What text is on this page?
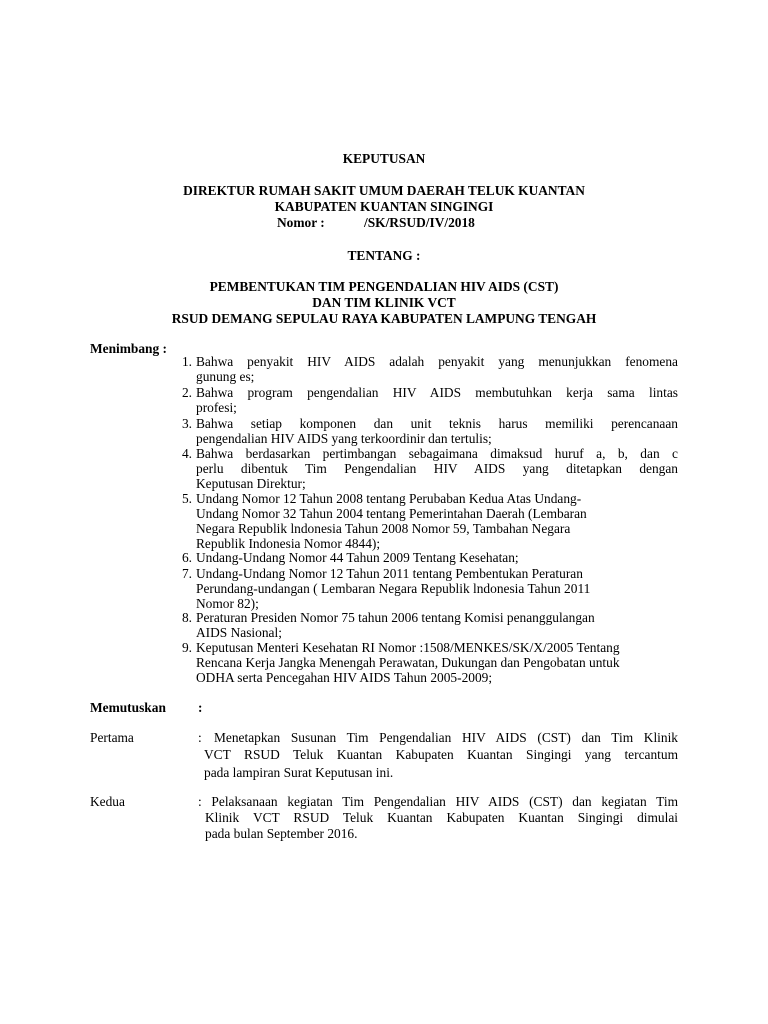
KEPUTUSAN
DIREKTUR RUMAH SAKIT UMUM DAERAH TELUK KUANTAN
KABUPATEN KUANTAN SINGINGI
Nomor :	/SK/RSUD/IV/2018
TENTANG :
PEMBENTUKAN TIM PENGENDALIAN HIV AIDS (CST)
DAN TIM KLINIK VCT
RSUD DEMANG SEPULAU RAYA KABUPATEN LAMPUNG TENGAH
Menimbang :
1. Bahwa penyakit HIV AIDS adalah penyakit yang menunjukkan fenomena
gunung es;
2. Bahwa program pengendalian HIV AIDS membutuhkan kerja sama lintas
profesi;
3. Bahwa setiap komponen dan unit teknis harus memiliki perencanaan
pengendalian HIV AIDS yang terkoordinir dan tertulis;
4. Bahwa berdasarkan pertimbangan sebagaimana dimaksud huruf a, b, dan c
perlu dibentuk Tim Pengendalian HIV AIDS yang ditetapkan dengan
Keputusan Direktur;
5. Undang Nomor 12 Tahun 2008 tentang Perubaban Kedua Atas Undang-
Undang Nomor 32 Tahun 2004 tentang Pemerintahan Daerah (Lembaran
Negara Republik lndonesia Tahun 2008 Nomor 59, Tambahan Negara
Republik Indonesia Nomor 4844);
6. Undang-Undang Nomor 44 Tahun 2009 Tentang Kesehatan;
7. Undang-Undang Nomor 12 Tahun 2011 tentang Pembentukan Peraturan
Perundang-undangan ( Lembaran Negara Republik lndonesia Tahun 2011
Nomor 82);
8. Peraturan Presiden Nomor 75 tahun 2006 tentang Komisi penanggulangan
AIDS Nasional;
9. Keputusan Menteri Kesehatan RI Nomor :1508/MENKES/SK/X/2005 Tentang
Rencana Kerja Jangka Menengah Perawatan, Dukungan dan Pengobatan untuk
ODHA serta Pencegahan HIV AIDS Tahun 2005-2009;
Memutuskan :
Pertama	: Menetapkan Susunan Tim Pengendalian HIV AIDS (CST) dan Tim Klinik
VCT RSUD Teluk Kuantan Kabupaten Kuantan Singingi yang tercantum
pada lampiran Surat Keputusan ini.
Kedua	: Pelaksanaan kegiatan Tim Pengendalian HIV AIDS (CST) dan kegiatan Tim
Klinik VCT RSUD Teluk Kuantan Kabupaten Kuantan Singingi dimulai
pada bulan September 2016.
